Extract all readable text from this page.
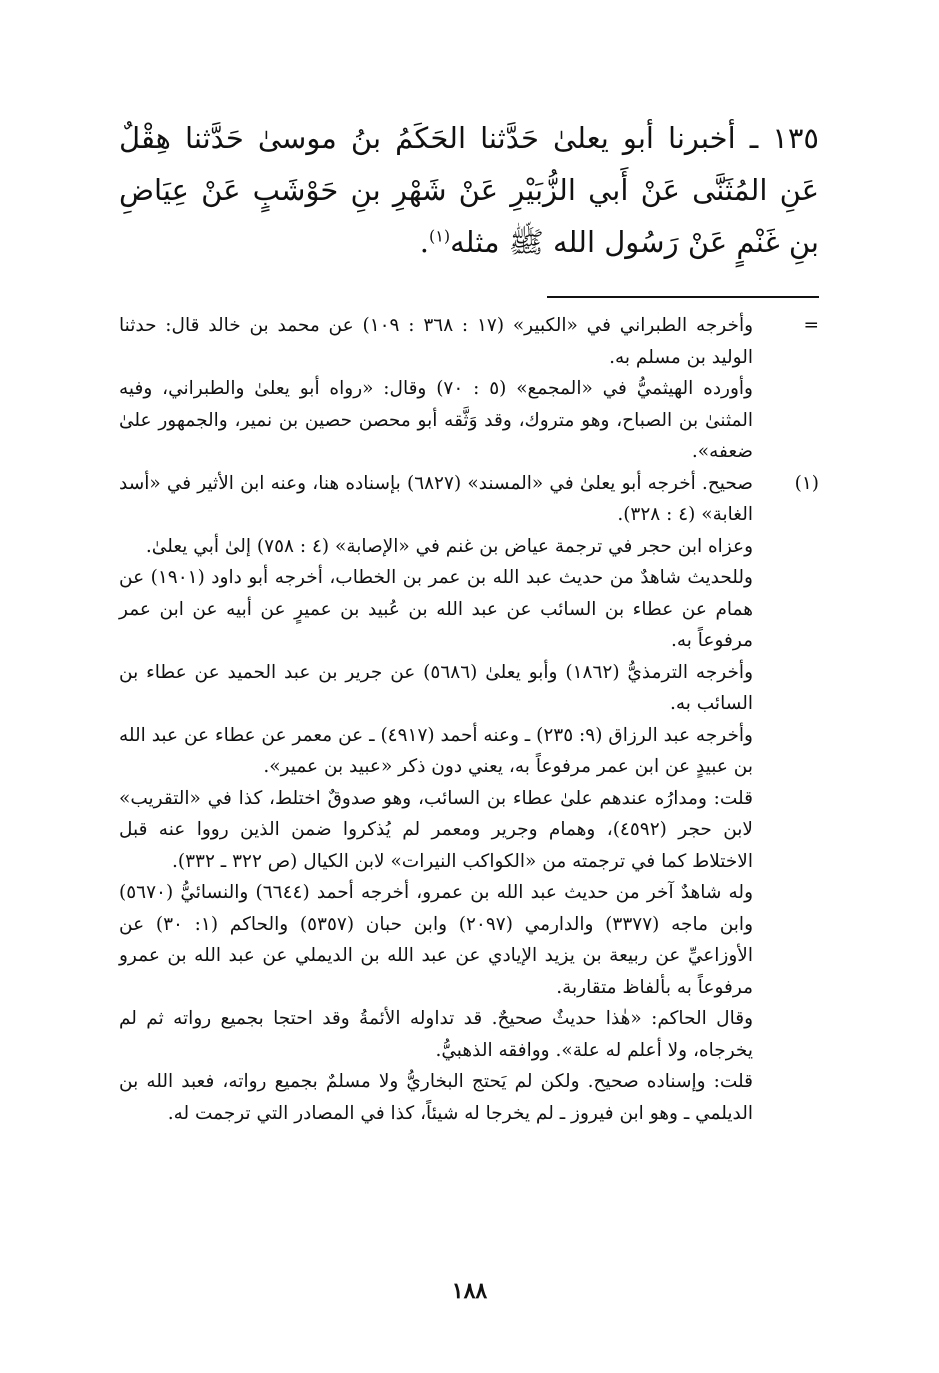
١٣٥ ـ أخبرنا أبو يعلىٰ حَدَّثنا الحَكَمُ بنُ موسىٰ حَدَّثنا هِقْلٌ عَنِ المُثَنَّى عَنْ أَبي الزُّبَيْرِ عَنْ شَهْرِ بنِ حَوْشَبٍ عَنْ عِيَاضِ بنِ غَنْمٍ عَنْ رَسُول الله ﷺ مثله$^{(١)}$.

=

وأخرجه الطبراني في «الكبير» (١٧ : ٣٦٨ : ١٠٩) عن محمد بن خالد قال: حدثنا الوليد بن مسلم به.

وأورده الهيثميُّ في «المجمع» (٥ : ٧٠) وقال: «رواه أبو يعلىٰ والطبراني، وفيه المثنىٰ بن الصباح، وهو متروك، وقد وَثَّقه أبو محصن حصين بن نمير، والجمهور علىٰ ضعفه».

(١)

صحيح. أخرجه أبو يعلىٰ في «المسند» (٦٨٢٧) بإسناده هنا، وعنه ابن الأثير في «أسد الغابة» (٤ : ٣٢٨).

وعزاه ابن حجر في ترجمة عياض بن غنم في «الإصابة» (٤ : ٧٥٨) إلىٰ أبي يعلىٰ.

وللحديث شاهدٌ من حديث عبد الله بن عمر بن الخطاب، أخرجه أبو داود (١٩٠١) عن همام عن عطاء بن السائب عن عبد الله بن عُبيد بن عميرٍ عن أبيه عن ابن عمر مرفوعاً به.

وأخرجه الترمذيُّ (١٨٦٢) وأبو يعلىٰ (٥٦٨٦) عن جرير بن عبد الحميد عن عطاء بن السائب به.

وأخرجه عبد الرزاق (٩: ٢٣٥) ـ وعنه أحمد (٤٩١٧) ـ عن معمر عن عطاء عن عبد الله بن عبيدٍ عن ابن عمر مرفوعاً به، يعني دون ذكر «عبيد بن عمير».

قلت: ومدارُه عندهم علىٰ عطاء بن السائب، وهو صدوقٌ اختلط، كذا في «التقريب» لابن حجر (٤٥٩٢)، وهمام وجرير ومعمر لم يُذكروا ضمن الذين رووا عنه قبل الاختلاط كما في ترجمته من «الكواكب النيرات» لابن الكيال (ص ٣٢٢ ـ ٣٣٢).

وله شاهدٌ آخر من حديث عبد الله بن عمرو، أخرجه أحمد (٦٦٤٤) والنسائيُّ (٥٦٧٠) وابن ماجه (٣٣٧٧) والدارمي (٢٠٩٧) وابن حبان (٥٣٥٧) والحاكم (١: ٣٠) عن الأوزاعيِّ عن ربيعة بن يزيد الإيادي عن عبد الله بن الديملي عن عبد الله بن عمرو مرفوعاً به بألفاظ متقاربة.

وقال الحاكم: «هٰذا حديثٌ صحيحٌ. قد تداوله الأئمةُ وقد احتجا بجميع رواته ثم لم يخرجاه، ولا أعلم له علة». ووافقه الذهبيُّ.

قلت: وإسناده صحيح. ولكن لم يَحتج البخاريُّ ولا مسلمٌ بجميع رواته، فعبد الله بن الديلمي ـ وهو ابن فيروز ـ لم يخرجا له شيئاً، كذا في المصادر التي ترجمت له.

١٨٨
